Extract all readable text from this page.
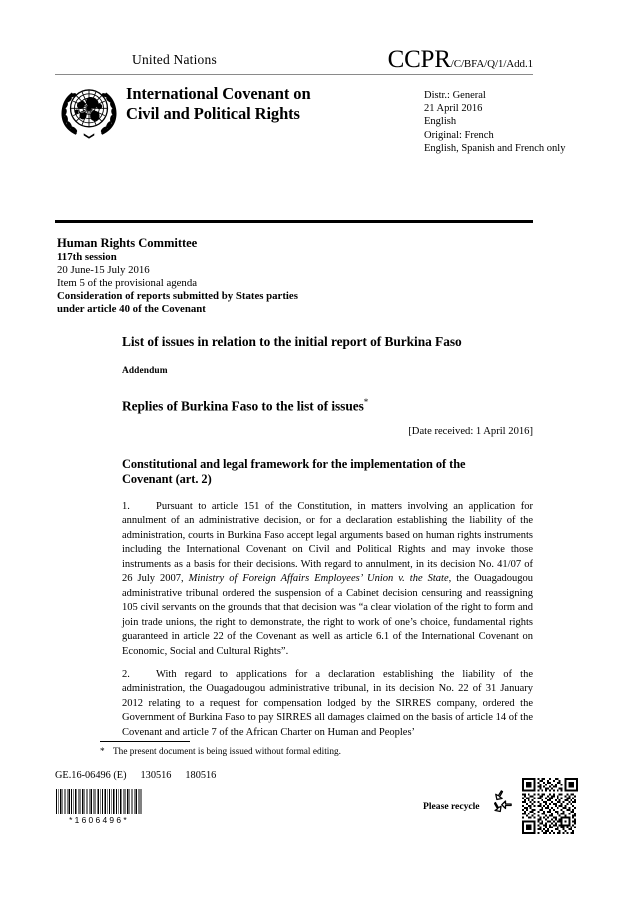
United Nations	CCPR/C/BFA/Q/1/Add.1
International Covenant on
Civil and Political Rights
Distr.: General
21 April 2016
English
Original: French
English, Spanish and French only
Human Rights Committee
117th session
20 June-15 July 2016
Item 5 of the provisional agenda
Consideration of reports submitted by States parties
under article 40 of the Covenant
List of issues in relation to the initial report of Burkina Faso
Addendum
Replies of Burkina Faso to the list of issues*
[Date received: 1 April 2016]
Constitutional and legal framework for the implementation of the
Covenant (art. 2)

1. Pursuant to article 151 of the Constitution, in matters involving an application for annulment of an administrative decision, or for a declaration establishing the liability of the administration, courts in Burkina Faso accept legal arguments based on human rights instruments including the International Covenant on Civil and Political Rights and may invoke those instruments as a basis for their decisions. With regard to annulment, in its decision No. 41/07 of 26 July 2007, Ministry of Foreign Affairs Employees’ Union v. the State, the Ouagadougou administrative tribunal ordered the suspension of a Cabinet decision censuring and reassigning 105 civil servants on the grounds that that decision was “a clear violation of the right to form and join trade unions, the right to demonstrate, the right to work of one’s choice, fundamental rights guaranteed in article 22 of the Covenant as well as article 6.1 of the International Covenant on Economic, Social and Cultural Rights”.

2. With regard to applications for a declaration establishing the liability of the administration, the Ouagadougou administrative tribunal, in its decision No. 22 of 31 January 2012 relating to a request for compensation lodged by the SIRRES company, ordered the Government of Burkina Faso to pay SIRRES all damages claimed on the basis of article 14 of the Covenant and article 7 of the African Charter on Human and Peoples’

* The present document is being issued without formal editing.
GE.16-06496 (E) 130516 180516
*1606496*
Please recycle
